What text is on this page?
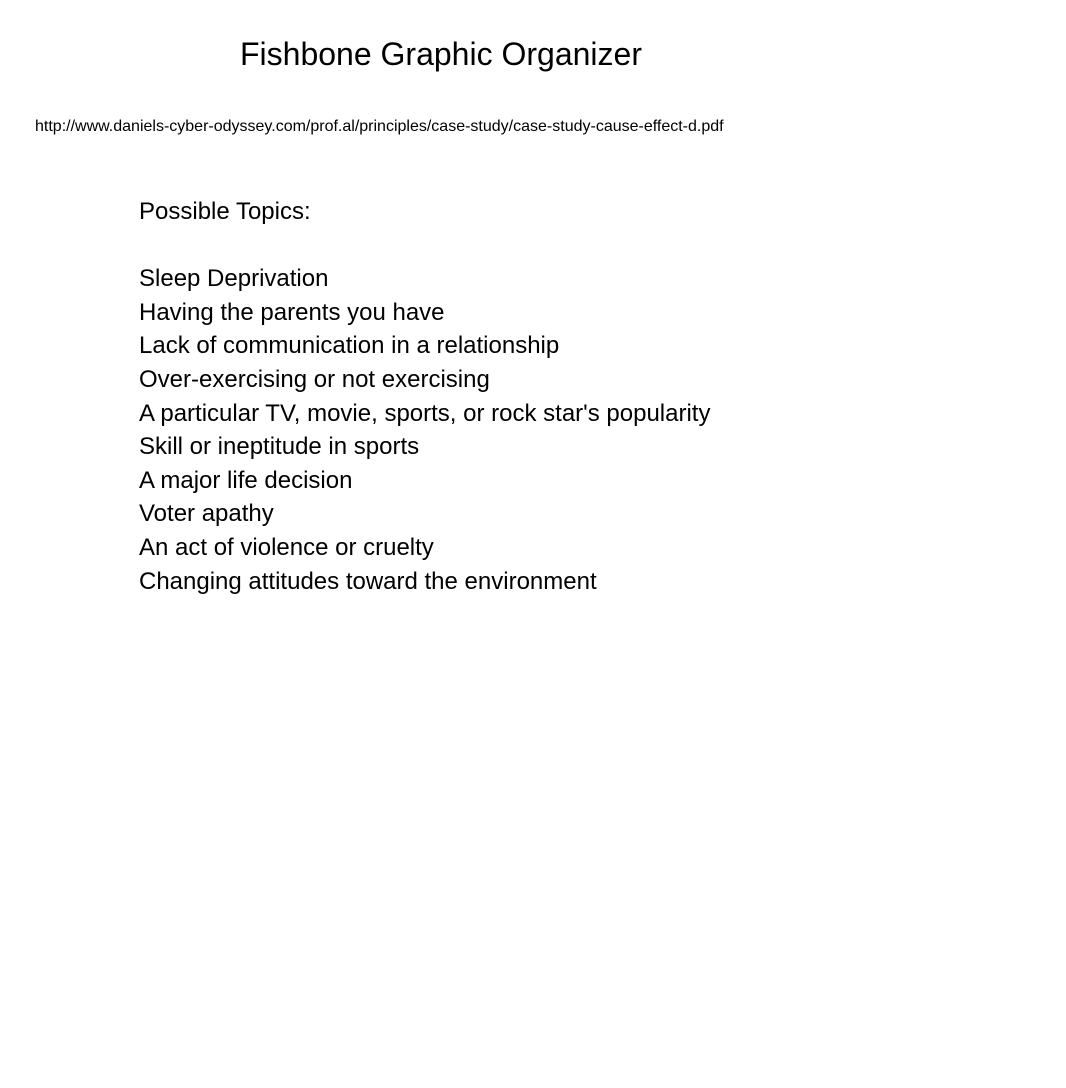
Fishbone Graphic Organizer
http://www.daniels-cyber-odyssey.com/prof.al/principles/case-study/case-study-cause-effect-d.pdf
Possible Topics:
Sleep Deprivation
Having the parents you have
Lack of communication in a relationship
Over-exercising or not exercising
A particular TV, movie, sports, or rock star's popularity
Skill or ineptitude in sports
A major life decision
Voter apathy
An act of violence or cruelty
Changing attitudes toward the environment
